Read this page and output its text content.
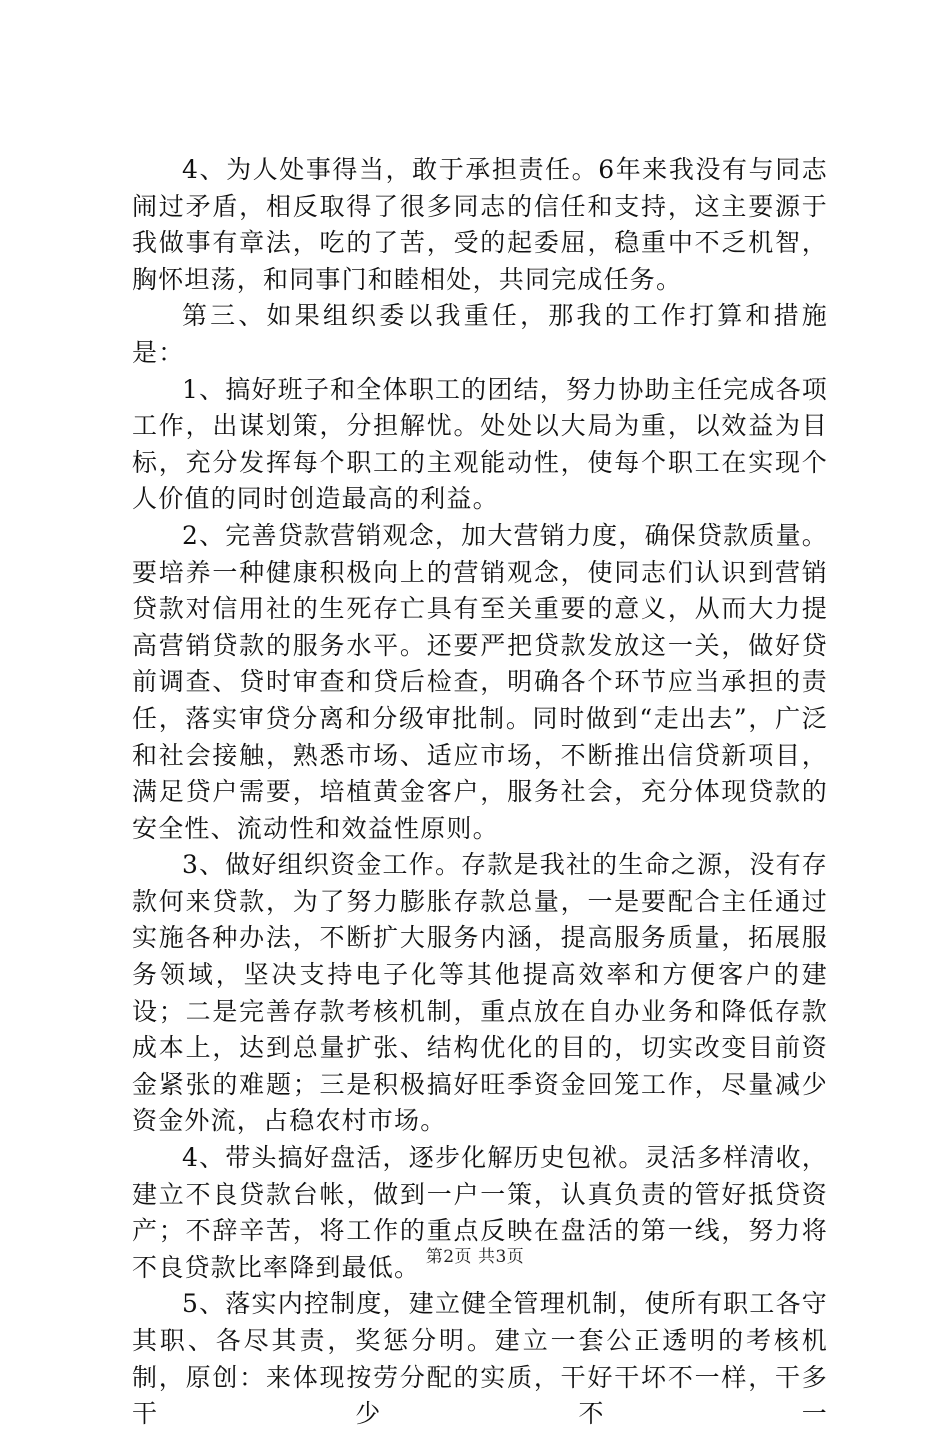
4、为人处事得当，敢于承担责任。6年来我没有与同志闹过矛盾，相反取得了很多同志的信任和支持，这主要源于我做事有章法，吃的了苦，受的起委屈，稳重中不乏机智，胸怀坦荡，和同事门和睦相处，共同完成任务。

第三、如果组织委以我重任，那我的工作打算和措施是：

1、搞好班子和全体职工的团结，努力协助主任完成各项工作，出谋划策，分担解忧。处处以大局为重，以效益为目标，充分发挥每个职工的主观能动性，使每个职工在实现个人价值的同时创造最高的利益。

2、完善贷款营销观念，加大营销力度，确保贷款质量。要培养一种健康积极向上的营销观念，使同志们认识到营销贷款对信用社的生死存亡具有至关重要的意义，从而大力提高营销贷款的服务水平。还要严把贷款发放这一关，做好贷前调查、贷时审查和贷后检查，明确各个环节应当承担的责任，落实审贷分离和分级审批制。同时做到“走出去”，广泛和社会接触，熟悉市场、适应市场，不断推出信贷新项目，满足贷户需要，培植黄金客户，服务社会，充分体现贷款的安全性、流动性和效益性原则。

3、做好组织资金工作。存款是我社的生命之源，没有存款何来贷款，为了努力膨胀存款总量，一是要配合主任通过实施各种办法，不断扩大服务内涵，提高服务质量，拓展服务领域，坚决支持电子化等其他提高效率和方便客户的建设；二是完善存款考核机制，重点放在自办业务和降低存款成本上，达到总量扩张、结构优化的目的，切实改变目前资金紧张的难题；三是积极搞好旺季资金回笼工作，尽量减少资金外流，占稳农村市场。

4、带头搞好盘活，逐步化解历史包袱。灵活多样清收，建立不良贷款台帐，做到一户一策，认真负责的管好抵贷资产；不辞辛苦，将工作的重点反映在盘活的第一线，努力将不良贷款比率降到最低。

5、落实内控制度，建立健全管理机制，使所有职工各守其职、各尽其责，奖惩分明。建立一套公正透明的考核机制，原创：来体现按劳分配的实质，干好干坏不一样，干多干少不一

第2页 共3页
